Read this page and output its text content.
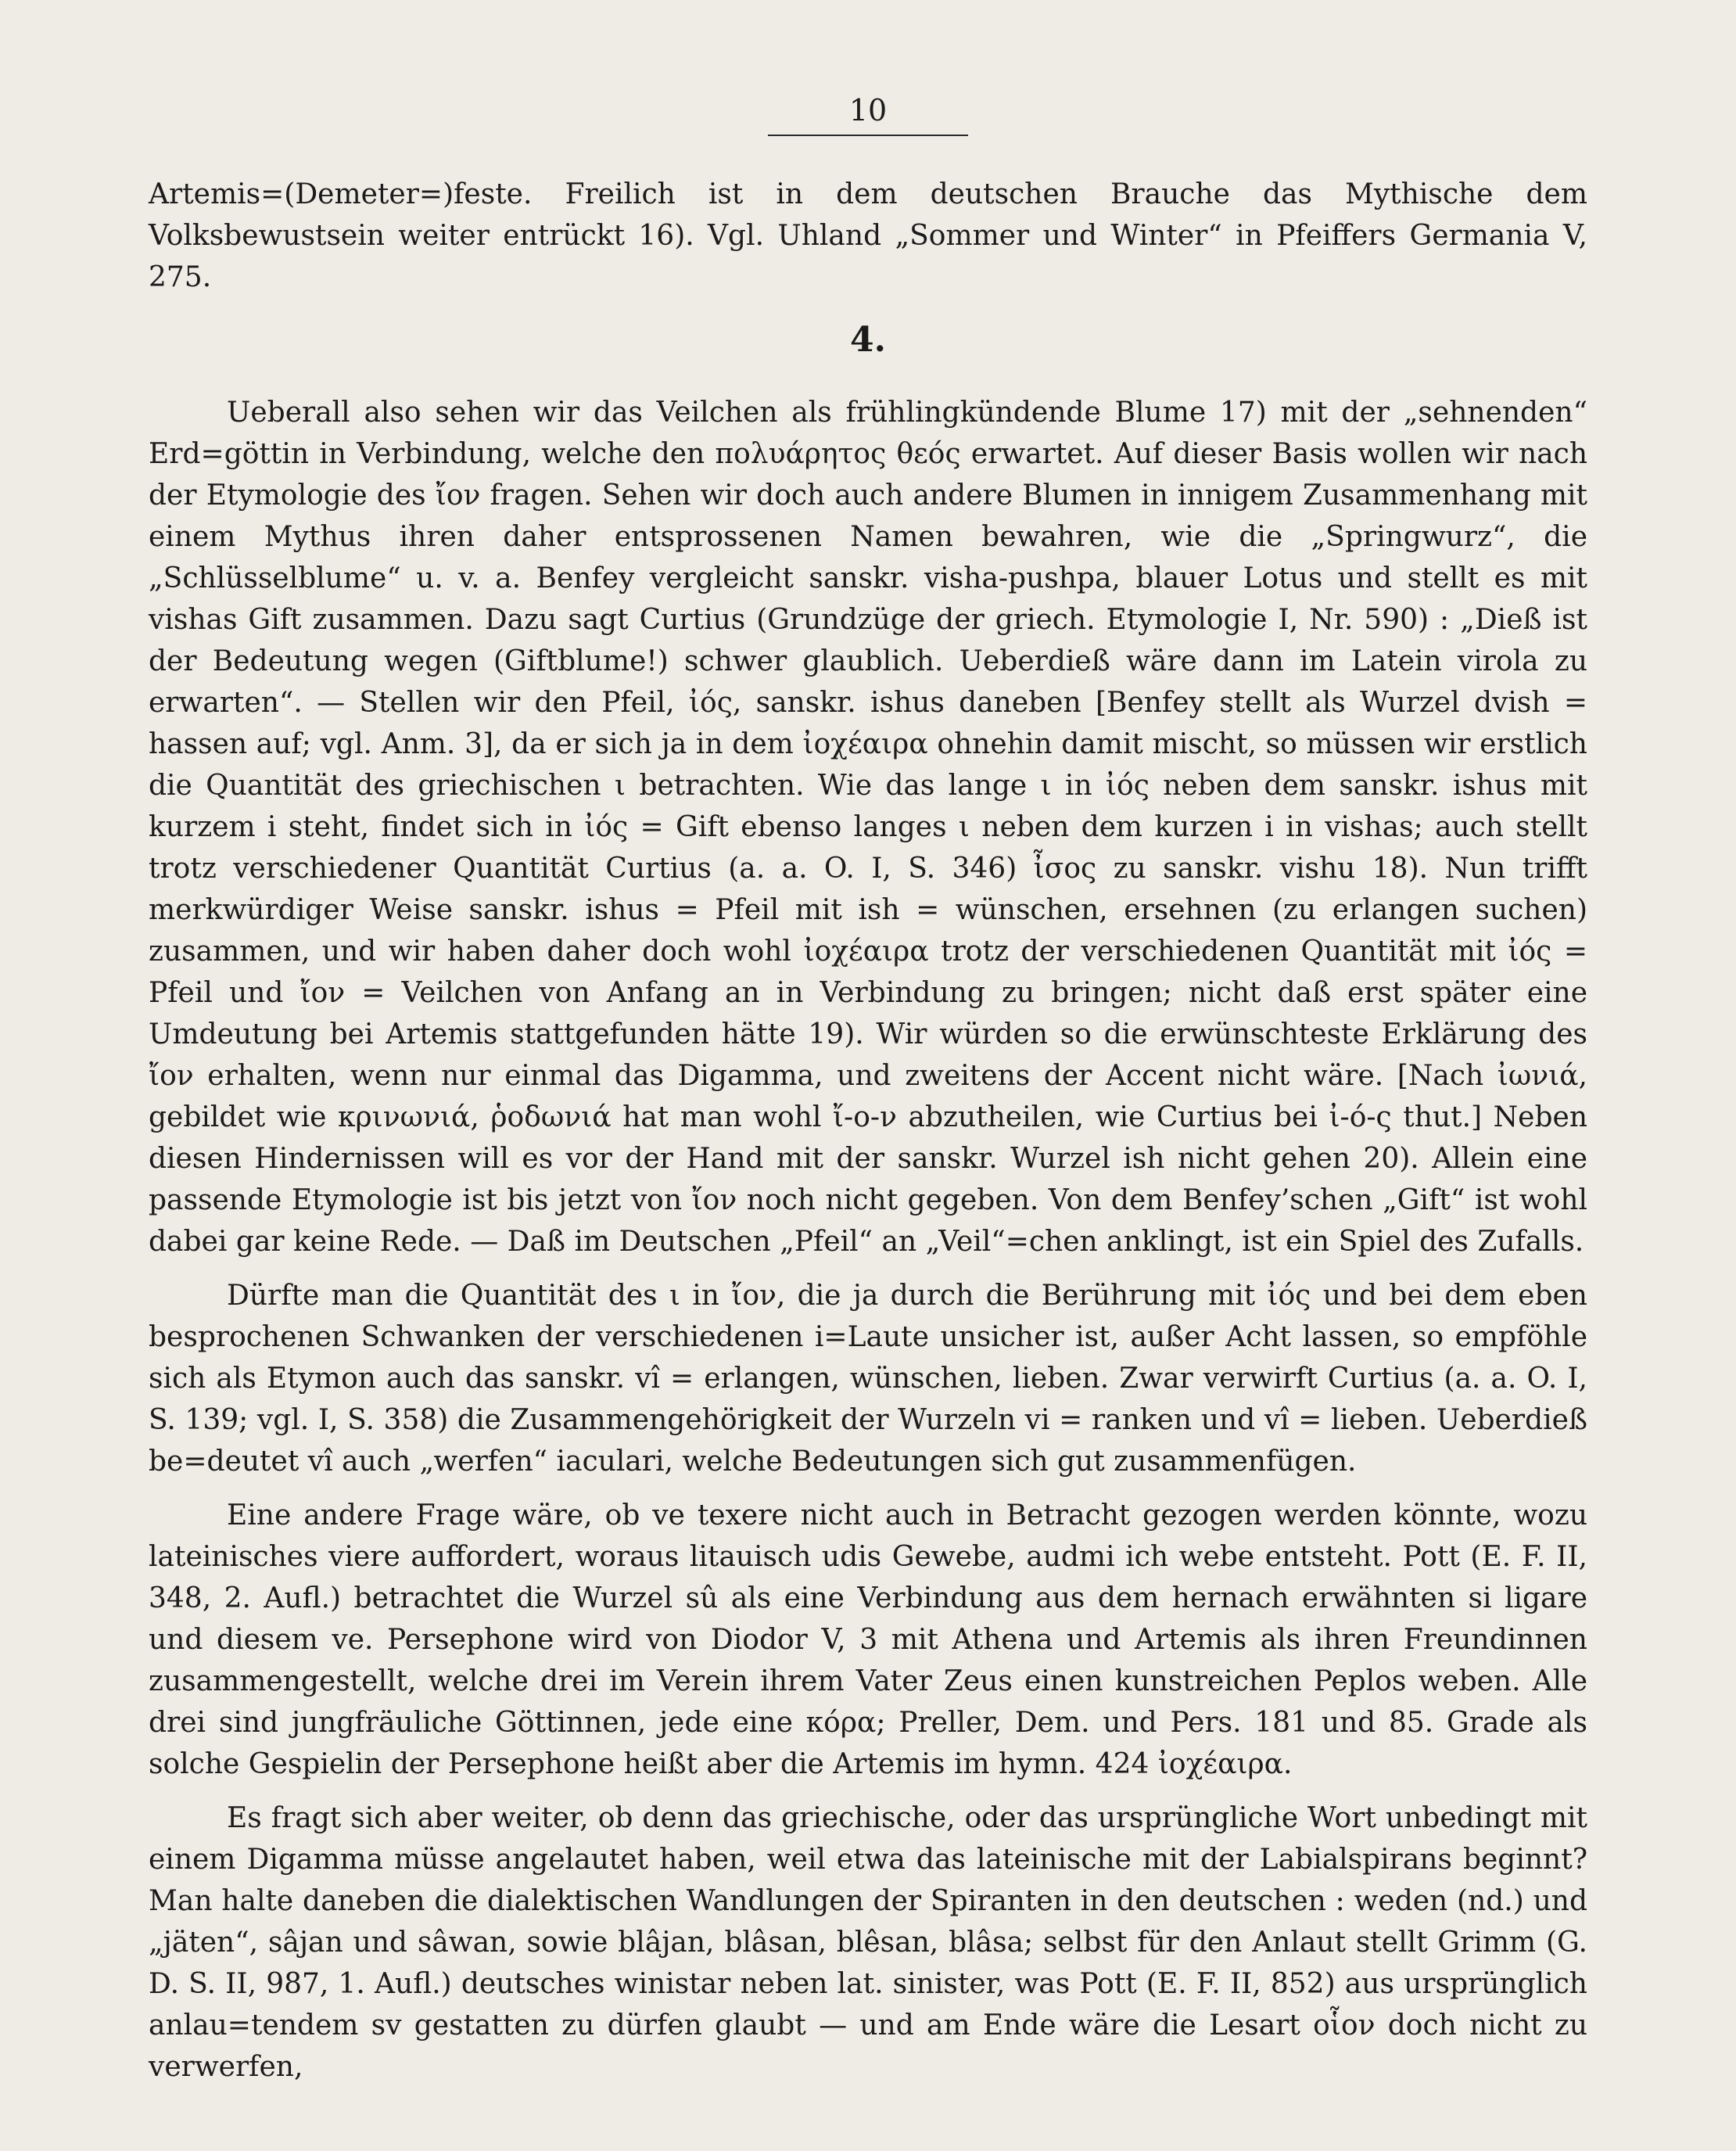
10

Artemis=(Demeter=)feste. Freilich ist in dem deutschen Brauche das Mythische dem Volksbewustsein weiter entrückt 16). Vgl. Uhland „Sommer und Winter“ in Pfeiffers Germania V, 275.

4.

Ueberall also sehen wir das Veilchen als frühlingkündende Blume 17) mit der „sehnenden“ Erd=göttin in Verbindung, welche den πολυάρητος θεός erwartet. Auf dieser Basis wollen wir nach der Etymologie des ἴον fragen. Sehen wir doch auch andere Blumen in innigem Zusammenhang mit einem Mythus ihren daher entsprossenen Namen bewahren, wie die „Springwurz“, die „Schlüsselblume“ u. v. a. Benfey vergleicht sanskr. visha-pushpa, blauer Lotus und stellt es mit vishas Gift zusammen. Dazu sagt Curtius (Grundzüge der griech. Etymologie I, Nr. 590) : „Dieß ist der Bedeutung wegen (Giftblume!) schwer glaublich. Ueberdieß wäre dann im Latein virola zu erwarten“. — Stellen wir den Pfeil, ἰός, sanskr. ishus daneben [Benfey stellt als Wurzel dvish = hassen auf; vgl. Anm. 3], da er sich ja in dem ἰοχέαιρα ohnehin damit mischt, so müssen wir erstlich die Quantität des griechischen ι betrachten. Wie das lange ι in ἰός neben dem sanskr. ishus mit kurzem i steht, findet sich in ἰός = Gift ebenso langes ι neben dem kurzen i in vishas; auch stellt trotz verschiedener Quantität Curtius (a. a. O. I, S. 346) ἶσος zu sanskr. vishu 18). Nun trifft merkwürdiger Weise sanskr. ishus = Pfeil mit ish = wünschen, ersehnen (zu erlangen suchen) zusammen, und wir haben daher doch wohl ἰοχέαιρα trotz der verschiedenen Quantität mit ἰός = Pfeil und ἴον = Veilchen von Anfang an in Verbindung zu bringen; nicht daß erst später eine Umdeutung bei Artemis stattgefunden hätte 19). Wir würden so die erwünschteste Erklärung des ἴον erhalten, wenn nur einmal das Digamma, und zweitens der Accent nicht wäre. [Nach ἰωνιά, gebildet wie κρινωνιά, ῥοδωνιά hat man wohl ἴ-ο-ν abzutheilen, wie Curtius bei ἰ-ό-ς thut.] Neben diesen Hindernissen will es vor der Hand mit der sanskr. Wurzel ish nicht gehen 20). Allein eine passende Etymologie ist bis jetzt von ἴον noch nicht gegeben. Von dem Benfey’schen „Gift“ ist wohl dabei gar keine Rede. — Daß im Deutschen „Pfeil“ an „Veil“=chen anklingt, ist ein Spiel des Zufalls.

Dürfte man die Quantität des ι in ἴον, die ja durch die Berührung mit ἰός und bei dem eben besprochenen Schwanken der verschiedenen i=Laute unsicher ist, außer Acht lassen, so empföhle sich als Etymon auch das sanskr. vî = erlangen, wünschen, lieben. Zwar verwirft Curtius (a. a. O. I, S. 139; vgl. I, S. 358) die Zusammengehörigkeit der Wurzeln vi = ranken und vî = lieben. Ueberdieß be=deutet vî auch „werfen“ iaculari, welche Bedeutungen sich gut zusammenfügen.

Eine andere Frage wäre, ob ve texere nicht auch in Betracht gezogen werden könnte, wozu lateinisches viere auffordert, woraus litauisch udis Gewebe, audmi ich webe entsteht. Pott (E. F. II, 348, 2. Aufl.) betrachtet die Wurzel sû als eine Verbindung aus dem hernach erwähnten si ligare und diesem ve. Persephone wird von Diodor V, 3 mit Athena und Artemis als ihren Freundinnen zusammengestellt, welche drei im Verein ihrem Vater Zeus einen kunstreichen Peplos weben. Alle drei sind jungfräuliche Göttinnen, jede eine κόρα; Preller, Dem. und Pers. 181 und 85. Grade als solche Gespielin der Persephone heißt aber die Artemis im hymn. 424 ἰοχέαιρα.

Es fragt sich aber weiter, ob denn das griechische, oder das ursprüngliche Wort unbedingt mit einem Digamma müsse angelautet haben, weil etwa das lateinische mit der Labialspirans beginnt? Man halte daneben die dialektischen Wandlungen der Spiranten in den deutschen : weden (nd.) und „jäten“, sâjan und sâwan, sowie blâjan, blâsan, blêsan, blâsa; selbst für den Anlaut stellt Grimm (G. D. S. II, 987, 1. Aufl.) deutsches winistar neben lat. sinister, was Pott (E. F. II, 852) aus ursprünglich anlau=tendem sv gestatten zu dürfen glaubt — und am Ende wäre die Lesart οἷον doch nicht zu verwerfen,
